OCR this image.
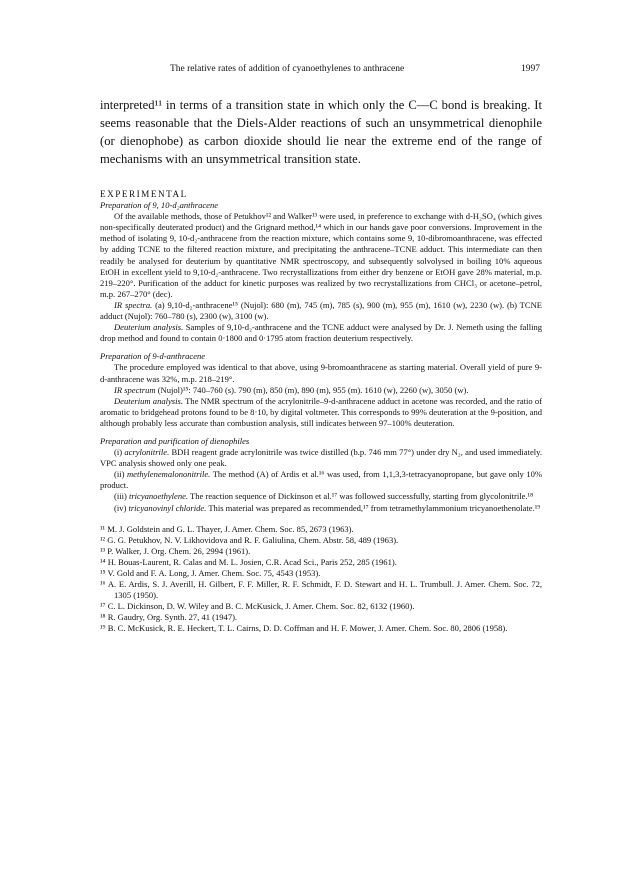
The relative rates of addition of cyanoethylenes to anthracene	1997

interpreted¹¹ in terms of a transition state in which only the C—C bond is breaking. It seems reasonable that the Diels-Alder reactions of such an unsymmetrical dienophile (or dienophobe) as carbon dioxide should lie near the extreme end of the range of mechanisms with an unsymmetrical transition state.

EXPERIMENTAL

Preparation of 9, 10-d₂anthracene

Of the available methods, those of Petukhov¹² and Walker¹³ were used, in preference to exchange with d-H₂SO₄ (which gives non-specifically deuterated product) and the Grignard method,¹⁴ which in our hands gave poor conversions. Improvement in the method of isolating 9, 10-d₂-anthracene from the reaction mixture, which contains some 9, 10-dibromoanthracene, was effected by adding TCNE to the filtered reaction mixture, and precipitating the anthracene–TCNE adduct. This intermediate can then readily be analysed for deuterium by quantitative NMR spectroscopy, and subsequently solvolysed in boiling 10% aqueous EtOH in excellent yield to 9,10-d₂-anthracene. Two recrystallizations from either dry benzene or EtOH gave 28% material, m.p. 219–220°. Purification of the adduct for kinetic purposes was realized by two recrystallizations from CHCl₃ or acetone–petrol, m.p. 267–270° (dec).

IR spectra. (a) 9,10-d₂-anthracene¹⁵ (Nujol): 680 (m), 745 (m), 785 (s), 900 (m), 955 (m), 1610 (w), 2230 (w). (b) TCNE adduct (Nujol): 760–780 (s), 2300 (w), 3100 (w).

Deuterium analysis. Samples of 9,10-d₂-anthracene and the TCNE adduct were analysed by Dr. J. Nemeth using the falling drop method and found to contain 0·1800 and 0·1795 atom fraction deuterium respectively.

Preparation of 9-d-anthracene

The procedure employed was identical to that above, using 9-bromoanthracene as starting material. Overall yield of pure 9-d-anthracene was 32%, m.p. 218–219°.

IR spectrum (Nujol)¹⁵: 740–760 (s). 790 (m), 850 (m), 890 (m), 955 (m). 1610 (w), 2260 (w), 3050 (w).

Deuterium analysis. The NMR spectrum of the acrylonitrile–9-d-anthracene adduct in acetone was recorded, and the ratio of aromatic to bridgehead protons found to be 8·10, by digital voltmeter. This corresponds to 99% deuteration at the 9-position, and although probably less accurate than combustion analysis, still indicates between 97–100% deuteration.

Preparation and purification of dienophiles

(i) acrylonitrile. BDH reagent grade acrylonitrile was twice distilled (b.p. 746 mm 77°) under dry N₂, and used immediately. VPC analysis showed only one peak.

(ii) methylenemalononitrile. The method (A) of Ardis et al.¹⁶ was used, from 1,1,3,3-tetracyanopropane, but gave only 10% product.

(iii) tricyanoethylene. The reaction sequence of Dickinson et al.¹⁷ was followed successfully, starting from glycolonitrile.¹⁸

(iv) tricyanovinyl chloride. This material was prepared as recommended,¹⁷ from tetramethylammonium tricyanoethenolate.¹⁹

¹¹ M. J. Goldstein and G. L. Thayer, J. Amer. Chem. Soc. 85, 2673 (1963).

¹² G. G. Petukhov, N. V. Likhovidova and R. F. Galiulina, Chem. Abstr. 58, 489 (1963).

¹³ P. Walker, J. Org. Chem. 26, 2994 (1961).

¹⁴ H. Bouas-Laurent, R. Calas and M. L. Josien, C.R. Acad Sci., Paris 252, 285 (1961).

¹⁵ V. Gold and F. A. Long, J. Amer. Chem. Soc. 75, 4543 (1953).

¹⁶ A. E. Ardis, S. J. Averill, H. Gilbert, F. F. Miller, R. F. Schmidt, F. D. Stewart and H. L. Trumbull. J. Amer. Chem. Soc. 72, 1305 (1950).

¹⁷ C. L. Dickinson, D. W. Wiley and B. C. McKusick, J. Amer. Chem. Soc. 82, 6132 (1960).

¹⁸ R. Gaudry, Org. Synth. 27, 41 (1947).

¹⁹ B. C. McKusick, R. E. Heckert, T. L. Cairns, D. D. Coffman and H. F. Mower, J. Amer. Chem. Soc. 80, 2806 (1958).
